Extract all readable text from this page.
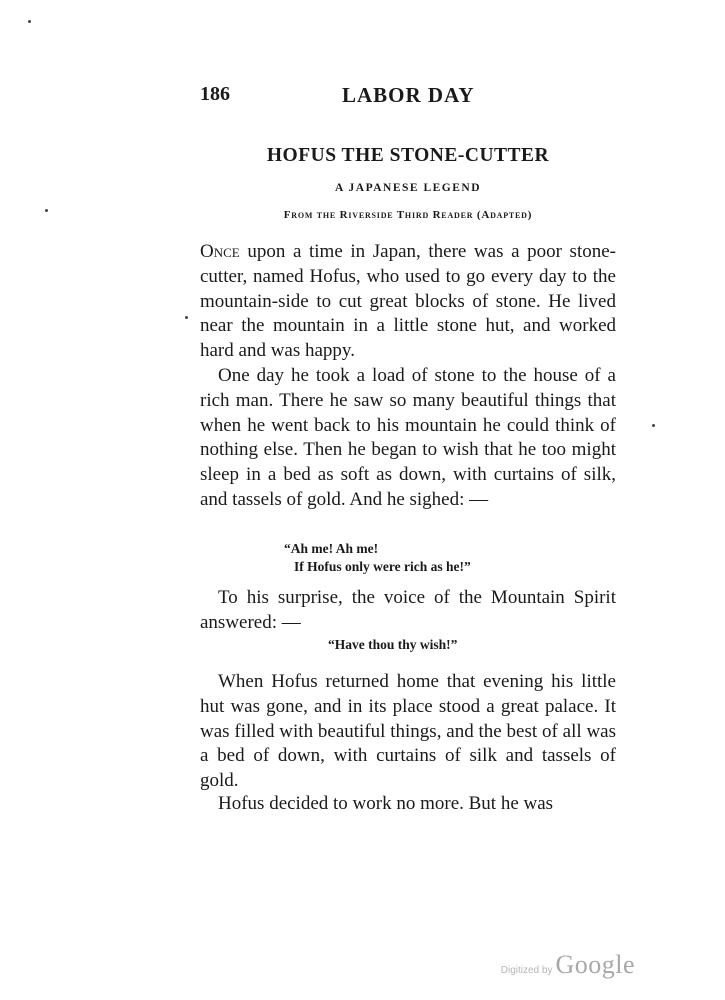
186	LABOR DAY
HOFUS THE STONE-CUTTER
A JAPANESE LEGEND
From the Riverside Third Reader (Adapted)

Once upon a time in Japan, there was a poor stone-cutter, named Hofus, who used to go every day to the mountain-side to cut great blocks of stone. He lived near the mountain in a little stone hut, and worked hard and was happy.

One day he took a load of stone to the house of a rich man. There he saw so many beautiful things that when he went back to his mountain he could think of nothing else. Then he began to wish that he too might sleep in a bed as soft as down, with curtains of silk, and tassels of gold. And he sighed: —

“Ah me! Ah me!
If Hofus only were rich as he!”

To his surprise, the voice of the Mountain Spirit answered: —

“Have thou thy wish!”

When Hofus returned home that evening his little hut was gone, and in its place stood a great palace. It was filled with beautiful things, and the best of all was a bed of down, with curtains of silk and tassels of gold.

Hofus decided to work no more. But he was

Digitized by Google
